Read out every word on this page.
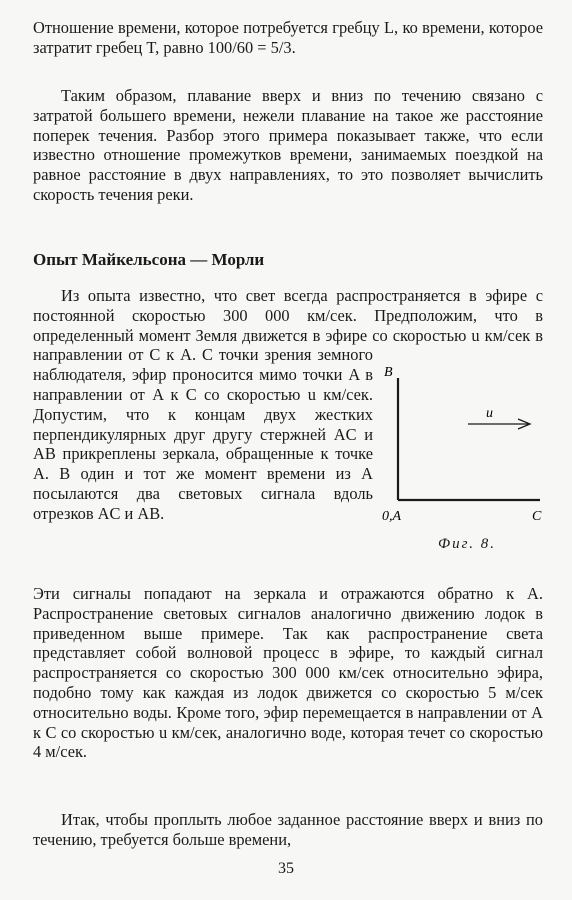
Отношение времени, которое потребуется гребцу L, ко времени, которое затратит гребец T, равно 100/60 = 5/3.

Таким образом, плавание вверх и вниз по течению связано с затратой большего времени, нежели плавание на такое же расстояние поперек течения. Разбор этого примера показывает также, что если известно отношение промежутков времени, занимаемых поездкой на равное расстояние в двух направлениях, то это позволяет вычислить скорость течения реки.

Опыт Майкельсона — Морли
Из опыта известно, что свет всегда распространяется в эфире с постоянной скоростью 300 000 км/сек. Предположим, что в определенный момент Земля движется в эфире со скоростью u км/сек в направлении от C к A. С точки зрения земного наблюдателя, эфир проносится мимо точки A в направлении от A к C со скоростью u км/сек. Допустим, что к концам двух жестких перпендикулярных друг другу стержней AC и AB прикреплены зеркала, обращенные к точке A. В один и тот же момент времени из A посылаются два световых сигнала вдоль отрезков AC и AB.

Эти сигналы попадают на зеркала и отражаются обратно к A. Распространение световых сигналов аналогично движению лодок в приведенном выше примере. Так как распространение света представляет собой волновой процесс в эфире, то каждый сигнал распространяется со скоростью 300 000 км/сек относительно эфира, подобно тому как каждая из лодок движется со скоростью 5 м/сек относительно воды. Кроме того, эфир перемещается в направлении от A к C со скоростью u км/сек, аналогично воде, которая течет со скоростью 4 м/сек.

Итак, чтобы проплыть любое заданное расстояние вверх и вниз по течению, требуется больше времени,

B
u
0,A	C
Фиг. 8.
35
